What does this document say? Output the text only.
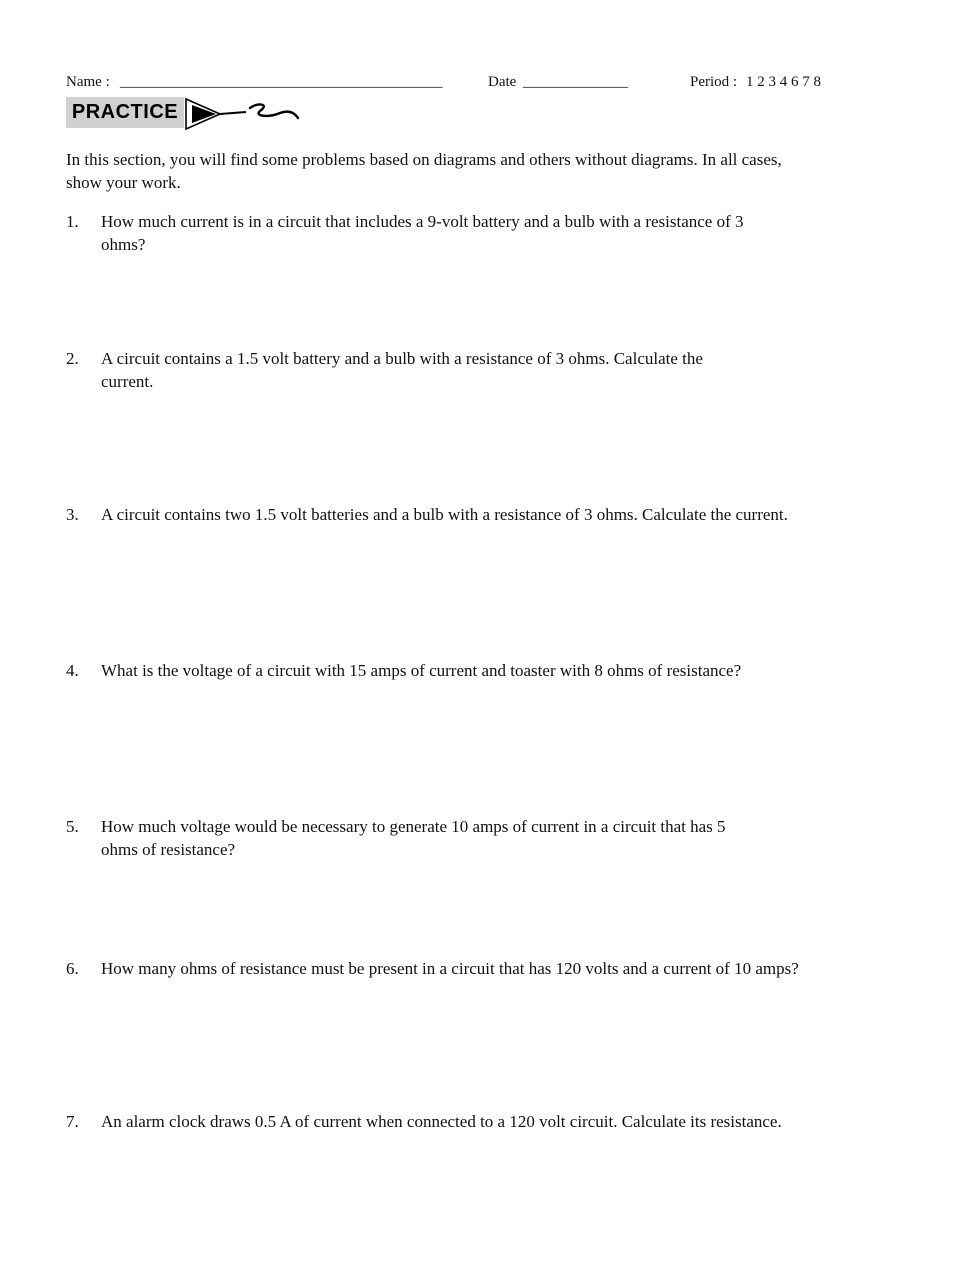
Name : ___________________________________________	Date ______________	Period : 1 2 3 4 6 7 8
PRACTICE
In this section, you will find some problems based on diagrams and others without diagrams. In all cases,
show your work.
1. How much current is in a circuit that includes a 9-volt battery and a bulb with a resistance of 3
ohms?
2. A circuit contains a 1.5 volt battery and a bulb with a resistance of 3 ohms. Calculate the
current.
3. A circuit contains two 1.5 volt batteries and a bulb with a resistance of 3 ohms. Calculate the current.
4. What is the voltage of a circuit with 15 amps of current and toaster with 8 ohms of resistance?
5. How much voltage would be necessary to generate 10 amps of current in a circuit that has 5
ohms of resistance?
6. How many ohms of resistance must be present in a circuit that has 120 volts and a current of 10 amps?
7. An alarm clock draws 0.5 A of current when connected to a 120 volt circuit. Calculate its resistance.
